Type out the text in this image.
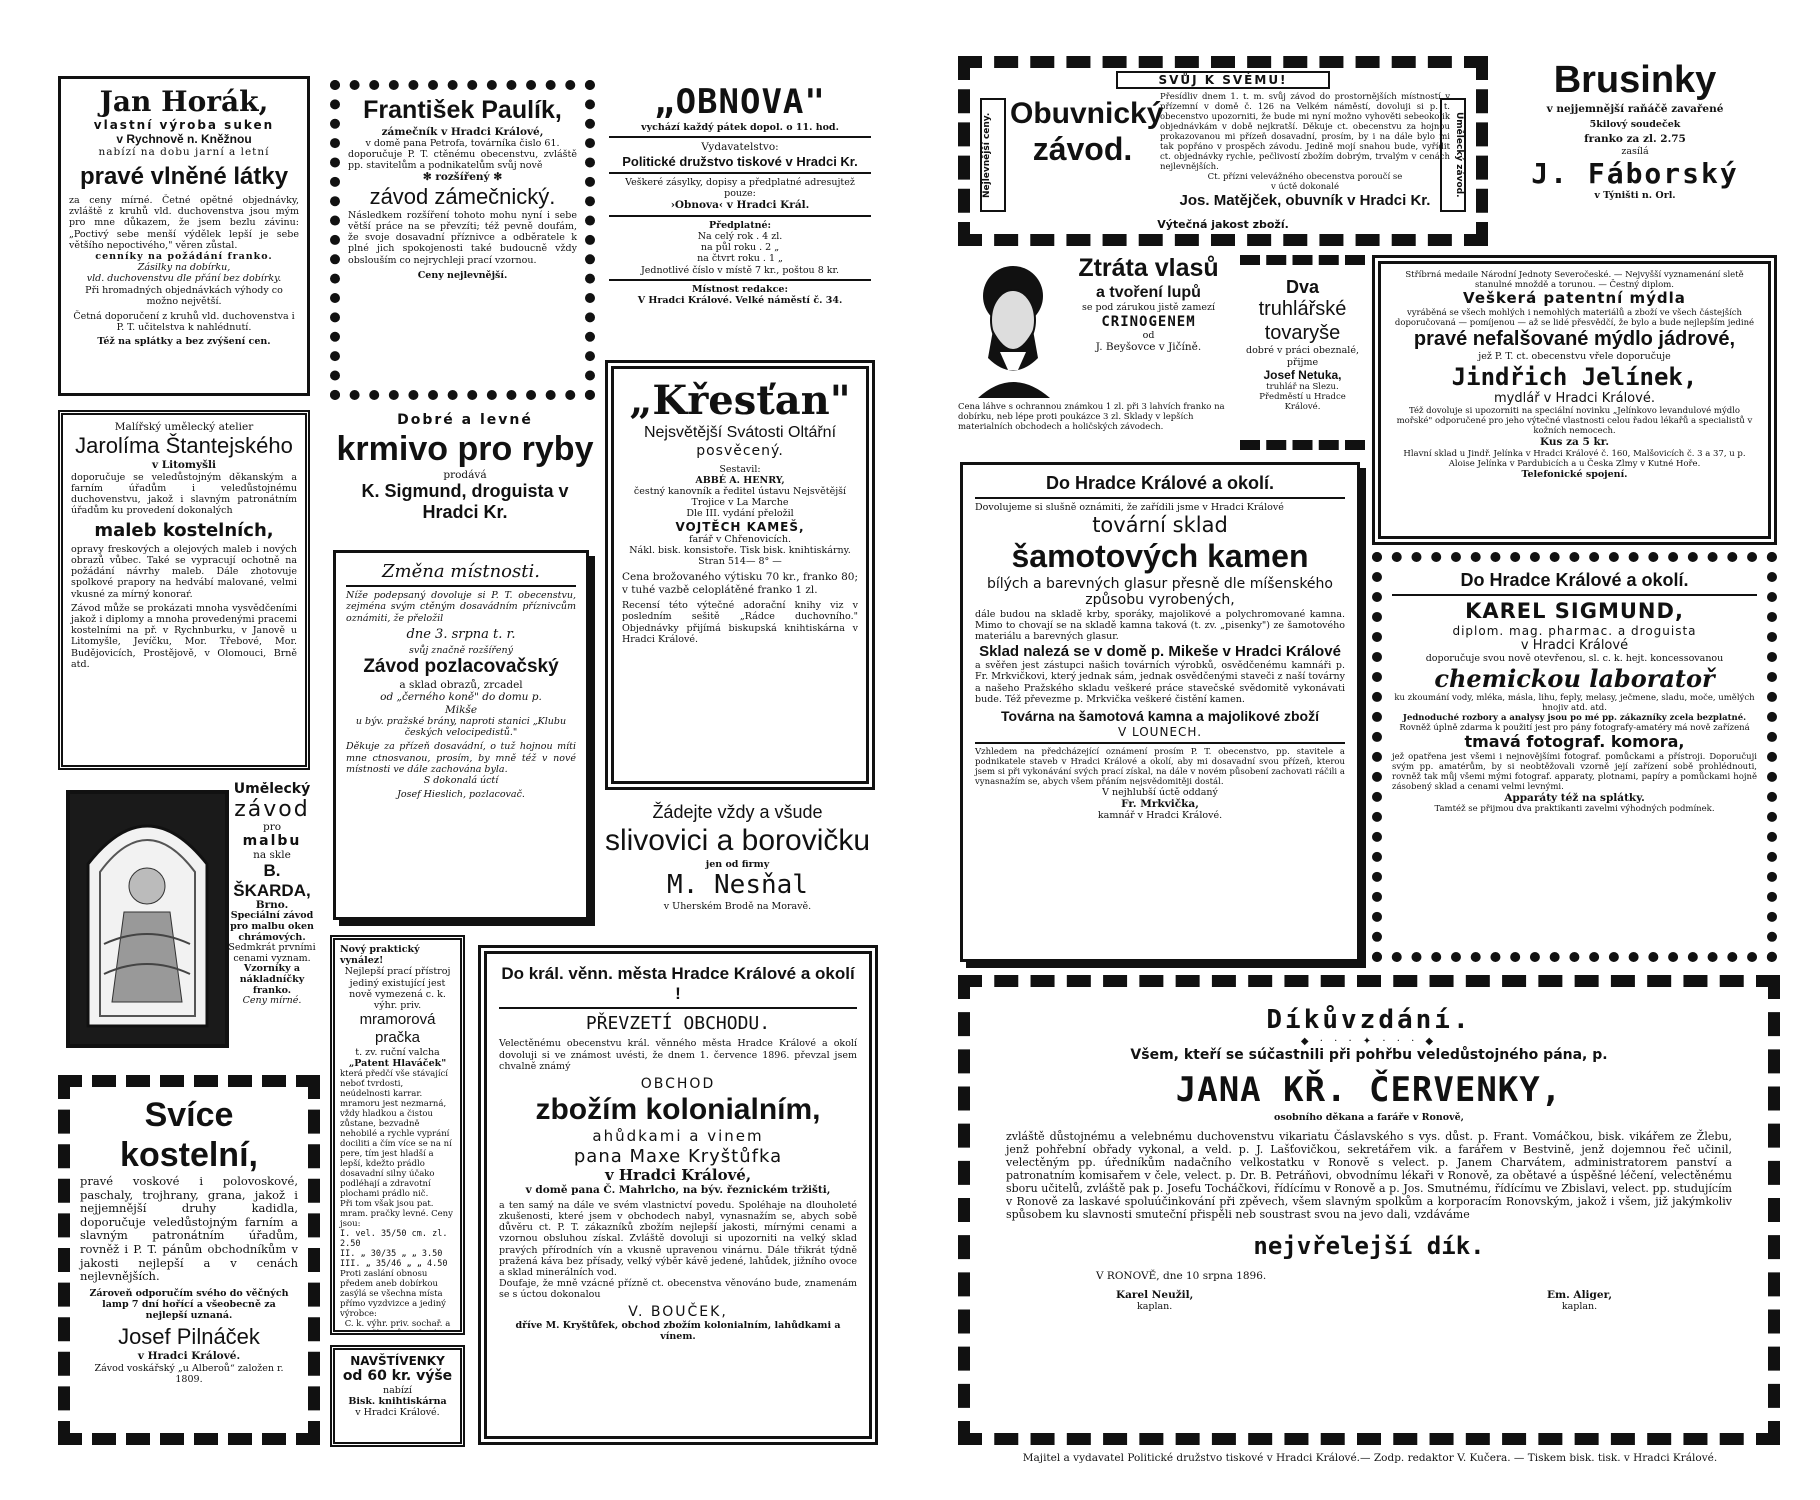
Jan Horák,
vlastní výroba suken
v Rychnově n. Kněžnou
nabízí na dobu jarní a letní
pravé vlněné látky
za ceny mírné. Četné opětné objednávky, zvláště z kruhů vld. duchovenstva jsou mým pro mne důkazem, že jsem bezlu závinu: „Poctivý sebe menší výdělek lepší je sebe většího nepoctivého," věren zůstal.
cenníky na požádání franko.
Zásilky na dobírku,
vld. duchovenstvu dle přání bez dobírky.
Při hromadných objednávkách výhody co možno největší.
Četná doporučení z kruhů vld. duchovenstva i P. T. učitelstva k nahlédnutí.
Též na splátky a bez zvýšení cen.
František Paulík,
zámečník v Hradci Králové,
v domě pana Petrofa, továrníka čislo 61.
doporučuje P. T. ctěnému obecenstvu, zvláště pp. stavitelům a podnikatelům svůj nově
✻ rozšířený ✻
závod zámečnický.
Následkem rozšíření tohoto mohu nyní i sebe větší práce na se převzíti; též pevně doufám, že svoje dosavadní příznivce a odběratele k plné jich spokojenosti také budoucně vždy obslouším co nejrychleji prací vzornou.
Ceny nejlevnější.
„OBNOVA"
vychází každý pátek dopol. o 11. hod.
Vydavatelstvo:
Politické družstvo tiskové v Hradci Kr.
Veškeré zásylky, dopisy a předplatné adresujtež pouze:
›Obnova‹ v Hradci Král.
Předplatné:
Na celý rok . 4 zl.
na půl roku . 2 „
na čtvrt roku . 1 „
Jednotlivé číslo v místě 7 kr., poštou 8 kr.
Místnost redakce:
V Hradci Králové. Velké náměstí č. 34.
Malířský umělecký atelier
Jarolíma Štantejského
v Litomyšli
doporučuje se veledůstojným děkanským a farním úřadům i veledůstojnému duchovenstvu, jakož i slavným patronátním úřadům ku provedení dokonalých
maleb kostelních,
opravy freskových a olejových maleb i nových obrazů vůbec. Také se vypracují ochotně na požádání návrhy maleb. Dále zhotovuje spolkové prapory na hedvábí malované, velmi vkusné za mírný konoraŕ.
Závod může se prokázati mnoha vysvědčeními jakož i diplomy a mnoha provedenými pracemi kostelními na př. v Rychnburku, v Janově u Litomyšle, Jevíčku, Mor. Třebové, Mor. Budějovicích, Prostějově, v Olomouci, Brně atd.
Dobré a levné
krmivo pro ryby
prodává
K. Sigmund, droguista v Hradci Kr.
„Křesťan"
Nejsvětější Svátosti Oltářní
posvěcený.
Sestavil:
ABBÉ A. HENRY,
čestný kanovník a ředitel ústavu Nejsvětější Trojice v La Marche
Dle III. vydání přeložil
VOJTĚCH KAMEŠ,
farář v Chřenovicích.
Nákl. bisk. konsistoře. Tisk bisk. knihtiskárny.
Stran 514— 8° —
Cena brožovaného výtisku 70 kr., franko 80; v tuhé vazbě celoplátěné franko 1 zl.
Recensí této výtečné adorační knihy viz v posledním sešitě „Rádce duchovního." Objednávky přijímá biskupská knihtiskárna v Hradci Králové.
Změna místnosti.
Níže podepsaný dovoluje si P. T. obecenstvu, zejména svým ctěným dosavádním příznivcům oznámiti, že přeložil
dne 3. srpna t. r.
svůj značně rozšířený
Závod pozlacovačský
a sklad obrazů, zrcadel
od „černého koně" do domu p.
Mikše
u býv. pražské brány, naproti stanici „Klubu českých velocipedistů."
Děkuje za přízeň dosavádní, o tuž hojnou míti mne ctnosvanou, prosím, by mně též v nové místnosti ve dále zachována byla.
S dokonalá úctí
Josef Hieslich, pozlacovač.
Umělecký
závod
pro
malbu
na skle
B. ŠKARDA,
Brno.
Speciální závod pro malbu oken chrámových.
Sedmkrát prvními cenami vyznam.
Vzorníky a nákladníčky franko.
Ceny mírné.
Svíce kostelní,
pravé voskové i polovoskové, paschaly, trojhrany, grana, jakož i nejjemnější druhy kadidla, doporučuje veledůstojným farním a slavným patronátním úřadům, rovněž i P. T. pánům obchodníkům v jakosti nejlepší a v cenách nejlevnějších.
Zároveň odporučím svého do věčných lamp 7 dní hořící a všeobecně za nejlepší uznaná.
Josef Pilnáček
v Hradci Králové.
Závod voskářský „u Alberoů“ založen r. 1809.
Nový praktický vynález!
Nejlepší prací přístroj jediný existující jest nově vymezená c. k. výhr. priv.
mramorová pračka
t. zv. ruční valcha
„Patent Hlaváček"
která předčí vše stávající neboť tvrdosti, neúdelnosti karrar. mramoru jest nezmarná, vždy hladkou a čistou zůstane, bezvadně nehobilé a rychle vyprání dociliti a čím více se na ní pere, tím jest hladší a lepší, kdežto prádlo dosavadní silny účako podléhají a zdravotní plochami prádlo nič.
Při tom však jsou pat. mram. pračky levné. Ceny jsou:
I. vel. 35/50 cm. zl. 2.50
II. „ 30/35 „ „ 3.50
III. „ 35/46 „ „ 4.50
Proti zaslání obnosu předem aneb dobírkou zasýlá se všechna místa přímo vyzdvizce a jediný výrobce:
C. k. výhr. priv. sochař. a umělo průmyslový
NAVŠTÍVENKY
od 60 kr. výše
nabízí
Bisk. knihtiskárna
v Hradci Králové.
Žádejte vždy a všude
slivovici a borovičku
jen od firmy
M. Nesňal
v Uherském Brodě na Moravě.
Do král. věnn. města Hradce Králové a okolí !
PŘEVZETÍ OBCHODU.
Velectěnému obecenstvu král. věnného města Hradce Králové a okolí dovoluji si ve známost uvésti, že dnem 1. července 1896. převzal jsem chvalně známý
OBCHOD
zbožím kolonialním,
ahůdkami a vinem
pana Maxe Kryštůfka
v Hradci Králové,
v domě pana Č. Mahrlcho, na býv. řeznickém tržišti,
a ten samý na dále ve svém vlastnictví povedu. Spoléhaje na dlouholeté zkušenosti, které jsem v obchodech nabyl, vynasnažím se, abych sobě důvěru ct. P. T. zákazníků zbožím nejlepší jakosti, mírnými cenami a vzornou obsluhou získal. Zvláště dovoluji si upozorniti na velký sklad pravých přírodních vín a vkusně upravenou vinárnu. Dále třikrát týdně pražená káva bez přísady, velký výběr kávě jedené, lahůdek, jižního ovoce a sklad minerálních vod.
Doufaje, že mně vzácné přízně ct. obecenstva věnováno bude, znamenám se s úctou dokonalou
V. BOUČEK,
dříve M. Kryštůfek, obchod zbožím kolonialním, lahůdkami a vínem.
SVŮJ K SVÉMU!
Nejlevnější ceny.	Umělecký závod.
Obuvnický
závod.
Přesídliv dnem 1. t. m. svůj závod do prostornějších místností v přízemní v domě č. 126 na Velkém náměstí, dovoluji si p. t. obecenstvo upozorniti, že bude mi nyní možno vyhověti sebeokolik objednávkám v době nejkratší. Děkuje ct. obecenstvu za hojnou prokazovanou mi přízeň dosavadní, prosím, by i na dále bylo mi tak popřáno v prospěch závodu. Jedině mojí snahou bude, vyřídit ct. objednávky rychle, pečlivostí zbožím dobrým, trvalým v cenách nejlevnějších.
Ct. přízni velevážného obecenstva poroučí se
v úctě dokonalé
Jos. Matějček, obuvník v Hradci Kr.
Výtečná jakost zboží.
Brusinky
v nejjemnější raňáčě zavařené
5kilový soudeček
franko za zl. 2.75
zasílá
J. Fáborský
v Týništi n. Orl.
Ztráta vlasů
a tvoření lupů
se pod zárukou jistě zamezí
CRINOGENEM
od
J. Beyšovce v Jičíně.
Cena láhve s ochrannou známkou 1 zl. při 3 lahvích franko na dobírku, neb lépe proti poukázce 3 zl. Sklady v lepších materialních obchodech a holičských závodech.
Dva
truhlářské
tovaryše
dobré v práci obeznalé,
přijme
Josef Netuka,
truhlář na Slezu. Předměstí u Hradce Králové.
Stříbrná medaile Národní Jednoty Severočeské. — Nejvyšší vyznamenání sletě stanulné množdě a torunou. — Čestný diplom.
Veškerá patentní mýdla
vyráběná se všech mohlých i nemohlých materiálů a zboží ve všech částejších doporučovaná — pomíjenou — až se lidé přesvědčí, že bylo a bude nejlepším jediné
pravé nefalšované mýdlo jádrové,
jež P. T. ct. obecenstvu vřele doporučuje
Jindřich Jelínek,
mydlář v Hradci Králové.
Též dovoluje si upozorniti na speciální novinku „Jelínkovo levandulové mýdlo mořské" odporučené pro jeho výtečné vlastnosti celou řadou lékařů a specialistů v kožních nemocech.
Kus za 5 kr.
Hlavní sklad u Jindř. Jelínka v Hradci Králové č. 160, Malšovicích č. 3 a 37, u p. Aloise Jelínka v Pardubicích a u Česka Zlmy v Kutné Hoře.
Telefonické spojení.
Do Hradce Králové a okolí.
Dovolujeme si slušně oznámiti, že zařídili jsme v Hradci Králové
tovární sklad
šamotových kamen
bílých a barevných glasur přesně dle míšenského způsobu vyrobených,
dále budou na skladě krby, sporáky, majolikové a polychromované kamna. Mimo to chovají se na skladě kamna taková (t. zv. „pisenky") ze šamotového materiálu a barevných glasur.
Sklad nalezá se v domě p. Mikeše v Hradci Králové
a svěřen jest zástupci našich továrních výrobků, osvědčenému kamnáři p. Fr. Mrkvičkovi, který jednak sám, jednak osvědčenými staveči z naší továrny a našeho Pražského skladu veškeré práce stavečské svědomitě vykonávati bude. Též převezme p. Mrkvička veškeré čistění kamen.
Továrna na šamotová kamna a majolikové zboží
V LOUNECH.
Vzhledem na předcházející oznámení prosím P. T. obecenstvo, pp. stavitele a podnikatele staveb v Hradci Králové a okolí, aby mi dosavadní svou přízeň, kterou jsem si při vykonávání svých prací získal, na dále v novém působení zachovati ráčili a vynasnažím se, abych všem přáním nejsvědomitěji dostál.
V nejhlubší úctě oddaný
Fr. Mrkvička,
kamnář v Hradci Králové.
Do Hradce Králové a okolí.
KAREL SIGMUND,
diplom. mag. pharmac. a droguista
v Hradci Králové
doporučuje svou nově otevřenou, sl. c. k. hejt. koncessovanou
chemickou laboratoř
ku zkoumání vody, mléka, másla, lihu, feply, melasy, ječmene, sladu, moče, umělých hnojiv atd. atd.
Jednoduché rozbory a analysy jsou po mé pp. zákazníky zcela bezplatné.
Rovněž úplně zdarma k použití jest pro pány fotografy-amatéry má nově zařízená
tmavá fotograf. komora,
jež opatřena jest všemi i nejnovějšími fotograf. pomůckami a přístroji. Doporučuji svým pp. amatérům, by si neobtěžovali vzorně její zařízení sobě prohlédnouti, rovněž tak můj všemi mými fotograf. apparaty, plotnami, papíry a pomůckami hojně zásobený sklad a cenami velmi levnými.
Apparáty též na splátky.
Tamtéž se přijmou dva praktikanti zavelmi výhodných podmínek.
Díkůvzdání.
◆ · · · ✦ · · · ◆
Všem, kteří se súčastnili při pohřbu veledůstojného pána, p.
JANA KŘ. ČERVENKY,
osobního děkana a faráře v Ronově,
zvláště důstojnému a velebnému duchovenstvu vikariatu Čáslavského s vys. důst. p. Frant. Vomáčkou, bisk. vikářem ze Žlebu, jenž pohřební obřady vykonal, a veld. p. J. Lašťovičkou, sekretářem vik. a farářem v Bestvině, jenž dojemnou řeč učinil, velectěným pp. úředníkům nadačního velkostatku v Ronově s velect. p. Janem Charvátem, administratorem panství a patronatním komisařem v čele, velect. p. Dr. B. Petráňovi, obvodnímu lékaři v Ronově, za obětavé a úspěšné léčení, velectěnému sboru učitelů, zvláště pak p. Josefu Tocháčkovi, řídícímu v Ronově a p. Jos. Smutnému, řídícímu ve Zbislavi, velect. pp. studujícím v Ronově za laskavé spoluúčinkování při zpěvech, všem slavným spolkům a korporacím Ronovským, jakož i všem, již jakýmkoliv spůsobem ku slavnosti smuteční přispěli neb soustrast svou na jevo dali, vzdáváme
nejvřelejší dík.
V RONOVĚ, dne 10 srpna 1896.
Karel Neužil,
kaplan.
Em. Aliger,
kaplan.
Majitel a vydavatel Politické družstvo tiskové v Hradci Králové.— Zodp. redaktor V. Kučera. — Tiskem bisk. tisk. v Hradci Králové.
